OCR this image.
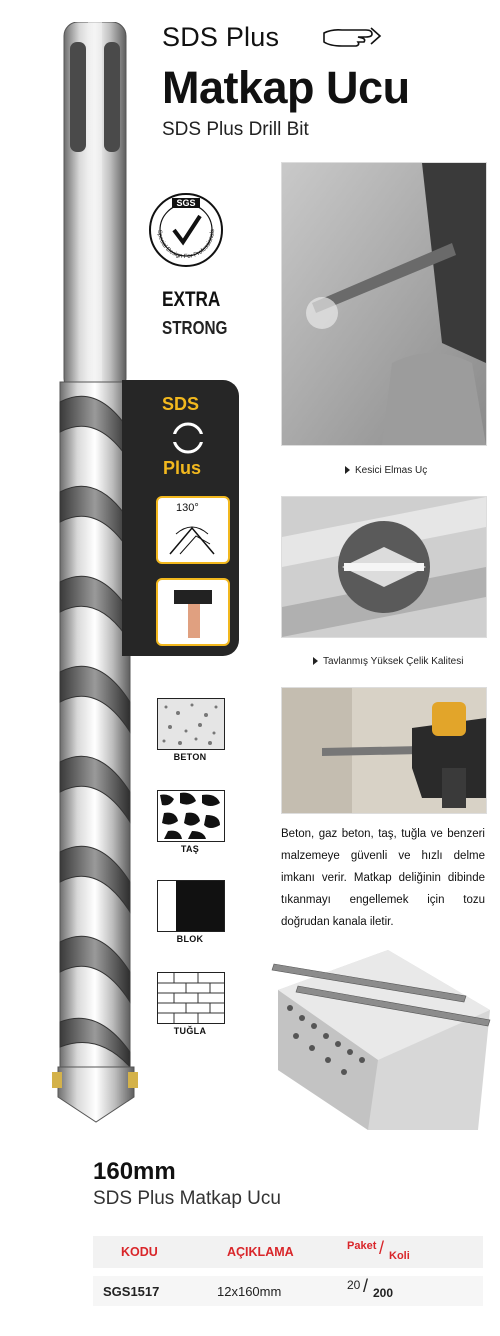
SDS Plus
Matkap Ucu
SDS Plus Drill Bit
SGS
Special Design For Professionals
EXTRA
STRONG
SDS
Plus
130°
BETON
TAŞ
BLOK
TUĞLA
Kesici Elmas Uç
Tavlanmış Yüksek Çelik Kalitesi
Beton, gaz beton, taş, tuğla ve benzeri malzemeye güvenli ve hızlı delme imkanı verir. Matkap deliğinin dibinde tıkanmayı engellemek için tozu doğrudan kanala iletir.
160mm
SDS Plus Matkap Ucu
KODU	AÇIKLAMA	Paket / Koli
SGS1517	12x160mm	20 / 200
